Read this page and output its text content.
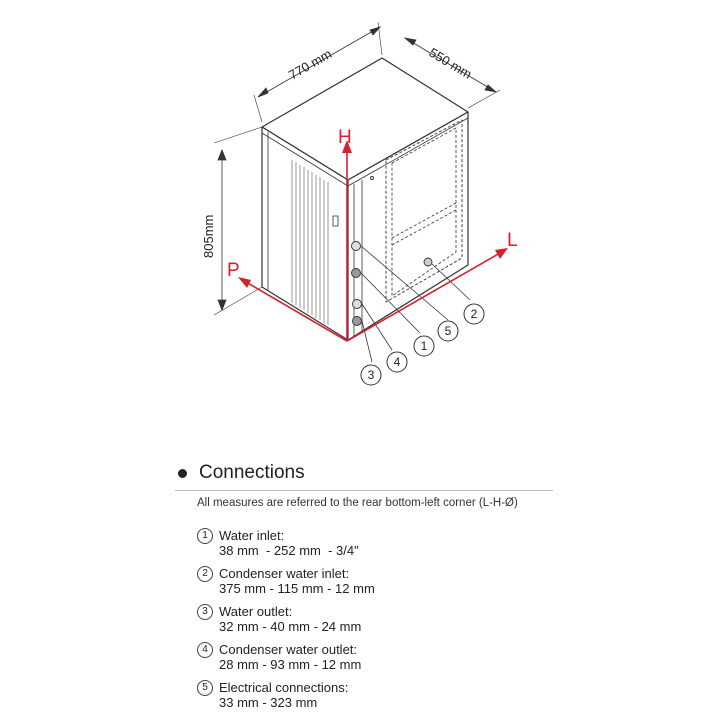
1
2
3
4
5
770 mm	550 mm
805mm
H
L
P
Connections
All measures are referred to the rear bottom-left corner (L-H-Ø)
1 Water inlet:
38 mm  - 252 mm  - 3/4"
2 Condenser water inlet:
375 mm - 115 mm - 12 mm
3 Water outlet:
32 mm - 40 mm - 24 mm
4 Condenser water outlet:
28 mm - 93 mm - 12 mm
5 Electrical connections:
33 mm - 323 mm
